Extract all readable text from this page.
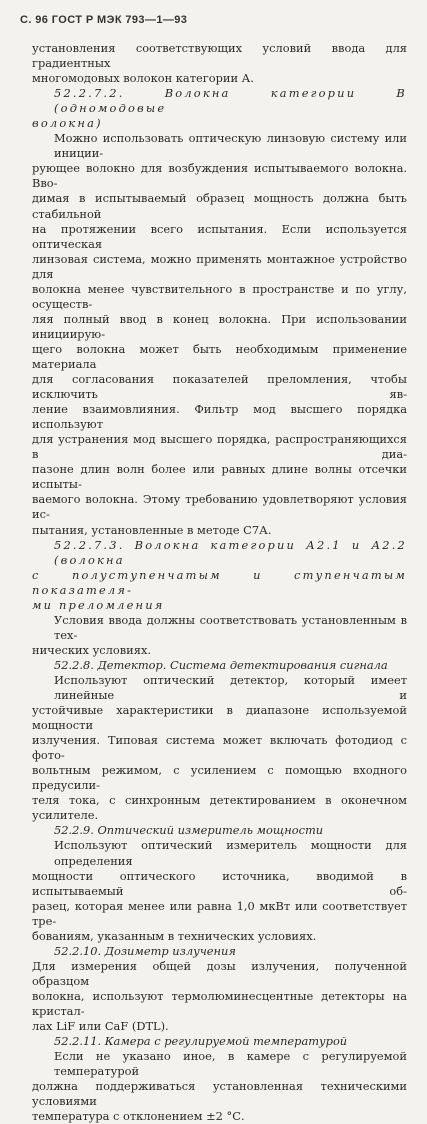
С. 96 ГОСТ Р МЭК 793—1—93
установления соответствующих условий ввода для градиентных
многомодовых волокон категории А.
52.2.7.2. Волокна категории В (одномодовые
волокна)
Можно использовать оптическую линзовую систему или иниции-
рующее волокно для возбуждения испытываемого волокна. Вво-
димая в испытываемый образец мощность должна быть стабильной
на протяжении всего испытания. Если используется оптическая
линзовая система, можно применять монтажное устройство для
волокна менее чувствительного в пространстве и по углу, осуществ-
ляя полный ввод в конец волокна. При использовании инициирую-
щего волокна может быть необходимым применение материала
для согласования показателей преломления, чтобы исключить яв-
ление взаимовлияния. Фильтр мод высшего порядка используют
для устранения мод высшего порядка, распространяющихся в диа-
пазоне длин волн более или равных длине волны отсечки испыты-
ваемого волокна. Этому требованию удовлетворяют условия ис-
пытания, установленные в методе С7А.
52.2.7.3. Волокна категории А2.1 и А2.2 (волокна
с полуступенчатым и ступенчатым показателя-
ми преломления
Условия ввода должны соответствовать установленным в тех-
нических условиях.
52.2.8. Детектор. Система детектирования сигнала
Используют оптический детектор, который имеет линейные и
устойчивые характеристики в диапазоне используемой мощности
излучения. Типовая система может включать фотодиод с фото-
вольтным режимом, с усилением с помощью входного предусили-
теля тока, с синхронным детектированием в оконечном усилителе.
52.2.9. Оптический измеритель мощности
Используют оптический измеритель мощности для определения
мощности оптического источника, вводимой в испытываемый об-
разец, которая менее или равна 1,0 мкВт или соответствует тре-
бованиям, указанным в технических условиях.
52.2.10. Дозиметр излучения
Для измерения общей дозы излучения, полученной образцом
волокна, используют термолюминесцентные детекторы на кристал-
лах LiF или CaF (DTL).
52.2.11. Камера с регулируемой температурой
Если не указано иное, в камере с регулируемой температурой
должна поддерживаться установленная техническими условиями
температура с отклонением ±2 °С.
